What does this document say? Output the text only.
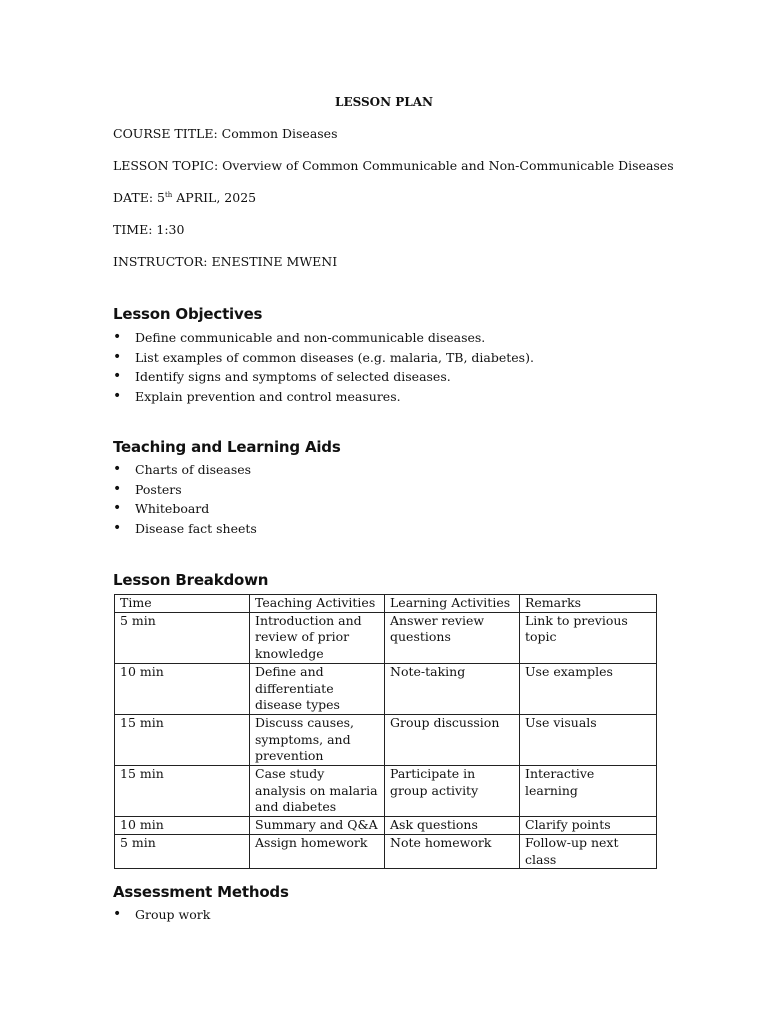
LESSON PLAN
COURSE TITLE: Common Diseases
LESSON TOPIC: Overview of Common Communicable and Non-Communicable Diseases
DATE: 5th APRIL, 2025
TIME: 1:30
INSTRUCTOR: ENESTINE MWENI
Lesson Objectives
• Define communicable and non-communicable diseases.
• List examples of common diseases (e.g. malaria, TB, diabetes).
• Identify signs and symptoms of selected diseases.
• Explain prevention and control measures.
Teaching and Learning Aids
• Charts of diseases
• Posters
• Whiteboard
• Disease fact sheets
Lesson Breakdown
Time	Teaching Activities	Learning Activities	Remarks
5 min	Introduction and review of prior knowledge	Answer review questions	Link to previous topic
10 min	Define and differentiate disease types	Note-taking	Use examples
15 min	Discuss causes, symptoms, and prevention	Group discussion	Use visuals
15 min	Case study analysis on malaria and diabetes	Participate in group activity	Interactive learning
10 min	Summary and Q&A	Ask questions	Clarify points
5 min	Assign homework	Note homework	Follow-up next class
Assessment Methods
• Group work
